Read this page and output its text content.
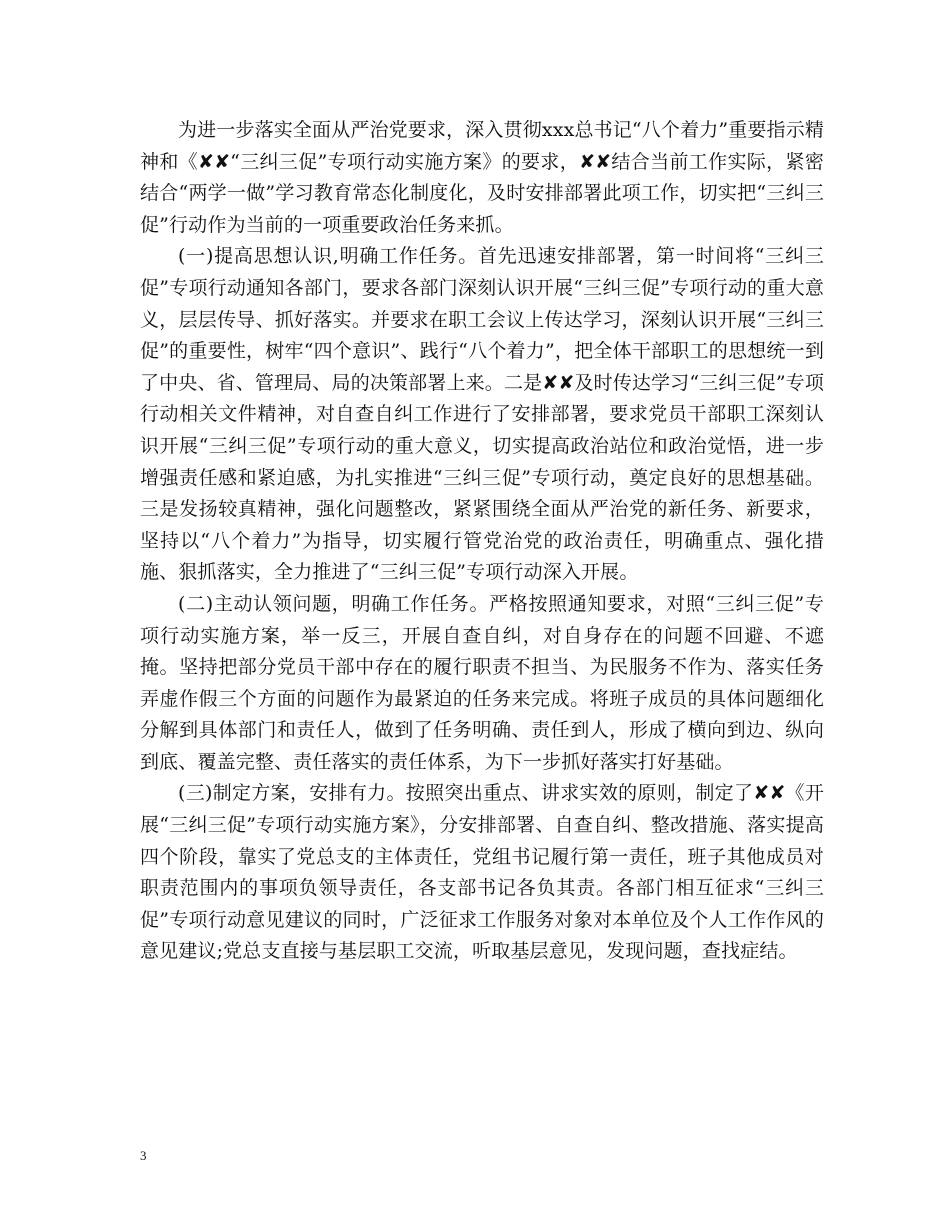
为进一步落实全面从严治党要求，深入贯彻xxx总书记“八个着力”重要指示精神和《✘✘“三纠三促”专项行动实施方案》的要求，✘✘结合当前工作实际，紧密结合“两学一做”学习教育常态化制度化，及时安排部署此项工作，切实把“三纠三促”行动作为当前的一项重要政治任务来抓。

(一)提高思想认识,明确工作任务。首先迅速安排部署，第一时间将“三纠三促”专项行动通知各部门，要求各部门深刻认识开展“三纠三促”专项行动的重大意义，层层传导、抓好落实。并要求在职工会议上传达学习，深刻认识开展“三纠三促”的重要性，树牢“四个意识”、践行“八个着力”，把全体干部职工的思想统一到了中央、省、管理局、局的决策部署上来。二是✘✘及时传达学习“三纠三促”专项行动相关文件精神，对自查自纠工作进行了安排部署，要求党员干部职工深刻认识开展“三纠三促”专项行动的重大意义，切实提高政治站位和政治觉悟，进一步增强责任感和紧迫感，为扎实推进“三纠三促”专项行动，奠定良好的思想基础。三是发扬较真精神，强化问题整改，紧紧围绕全面从严治党的新任务、新要求，坚持以“八个着力”为指导，切实履行管党治党的政治责任，明确重点、强化措施、狠抓落实，全力推进了“三纠三促”专项行动深入开展。

(二)主动认领问题，明确工作任务。严格按照通知要求，对照“三纠三促”专项行动实施方案，举一反三，开展自查自纠，对自身存在的问题不回避、不遮掩。坚持把部分党员干部中存在的履行职责不担当、为民服务不作为、落实任务弄虚作假三个方面的问题作为最紧迫的任务来完成。将班子成员的具体问题细化分解到具体部门和责任人，做到了任务明确、责任到人，形成了横向到边、纵向到底、覆盖完整、责任落实的责任体系，为下一步抓好落实打好基础。

(三)制定方案，安排有力。按照突出重点、讲求实效的原则，制定了✘✘《开展“三纠三促”专项行动实施方案》，分安排部署、自查自纠、整改措施、落实提高四个阶段，靠实了党总支的主体责任，党组书记履行第一责任，班子其他成员对职责范围内的事项负领导责任，各支部书记各负其责。各部门相互征求“三纠三促”专项行动意见建议的同时，广泛征求工作服务对象对本单位及个人工作作风的意见建议;党总支直接与基层职工交流，听取基层意见，发现问题，查找症结。

3
